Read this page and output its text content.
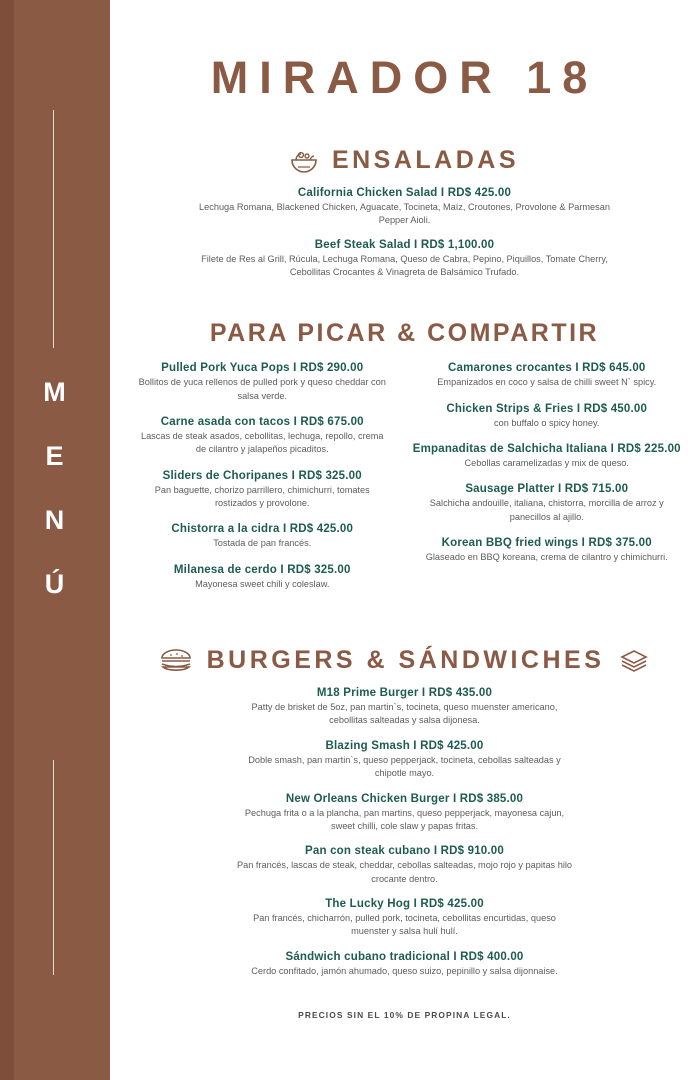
M
E
N
Ú
MIRADOR 18
ENSALADAS
California Chicken Salad I RD$ 425.00
Lechuga Romana, Blackened Chicken, Aguacate, Tocineta, Maíz, Croutones, Provolone & Parmesan Pepper Aioli.
Beef Steak Salad I RD$ 1,100.00
Filete de Res al Grill, Rúcula, Lechuga Romana, Queso de Cabra, Pepino, Piquillos, Tomate Cherry, Cebollitas Crocantes & Vinagreta de Balsámico Trufado.
PARA PICAR & COMPARTIR
Pulled Pork Yuca Pops I RD$ 290.00
Bollitos de yuca rellenos de pulled pork y queso cheddar con salsa verde.
Carne asada con tacos I RD$ 675.00
Lascas de steak asados, cebollitas, lechuga, repollo, crema de cilantro y jalapeños picaditos.
Sliders de Choripanes I RD$ 325.00
Pan baguette, chorizo parrillero, chimichurri, tomates rostizados y provolone.
Chistorra a la cidra I RD$ 425.00
Tostada de pan francés.
Milanesa de cerdo I RD$ 325.00
Mayonesa sweet chili y coleslaw.
Camarones crocantes I RD$ 645.00
Empanizados en coco y salsa de chilli sweet N` spicy.
Chicken Strips & Fries I RD$ 450.00
con buffalo o spicy honey.
Empanaditas de Salchicha Italiana I RD$ 225.00
Cebollas caramelizadas y mix de queso.
Sausage Platter I RD$ 715.00
Salchicha andouille, italiana, chistorra, morcilla de arroz y panecillos al ajillo.
Korean BBQ fried wings I RD$ 375.00
Glaseado en BBQ koreana, crema de cilantro y chimichurri.
BURGERS & SÁNDWICHES
M18 Prime Burger I RD$ 435.00
Patty de brisket de 5oz, pan martin`s, tocineta, queso muenster americano, cebollitas salteadas y salsa dijonesa.
Blazing Smash I RD$ 425.00
Doble smash, pan martin`s, queso pepperjack, tocineta, cebollas salteadas y chipotle mayo.
New Orleans Chicken Burger I RD$ 385.00
Pechuga frita o a la plancha, pan martins, queso pepperjack, mayonesa cajun, sweet chilli, cole slaw y papas fritas.
Pan con steak cubano I RD$ 910.00
Pan francés, lascas de steak, cheddar, cebollas salteadas, mojo rojo y papitas hilo crocante dentro.
The Lucky Hog I RD$ 425.00
Pan francés, chicharrón, pulled pork, tocineta, cebollitas encurtidas, queso muenster y salsa hulí hulí.
Sándwich cubano tradicional I RD$ 400.00
Cerdo confitado, jamón ahumado, queso suizo, pepinillo y salsa dijonnaise.
PRECIOS SIN EL 10% DE PROPINA LEGAL.
